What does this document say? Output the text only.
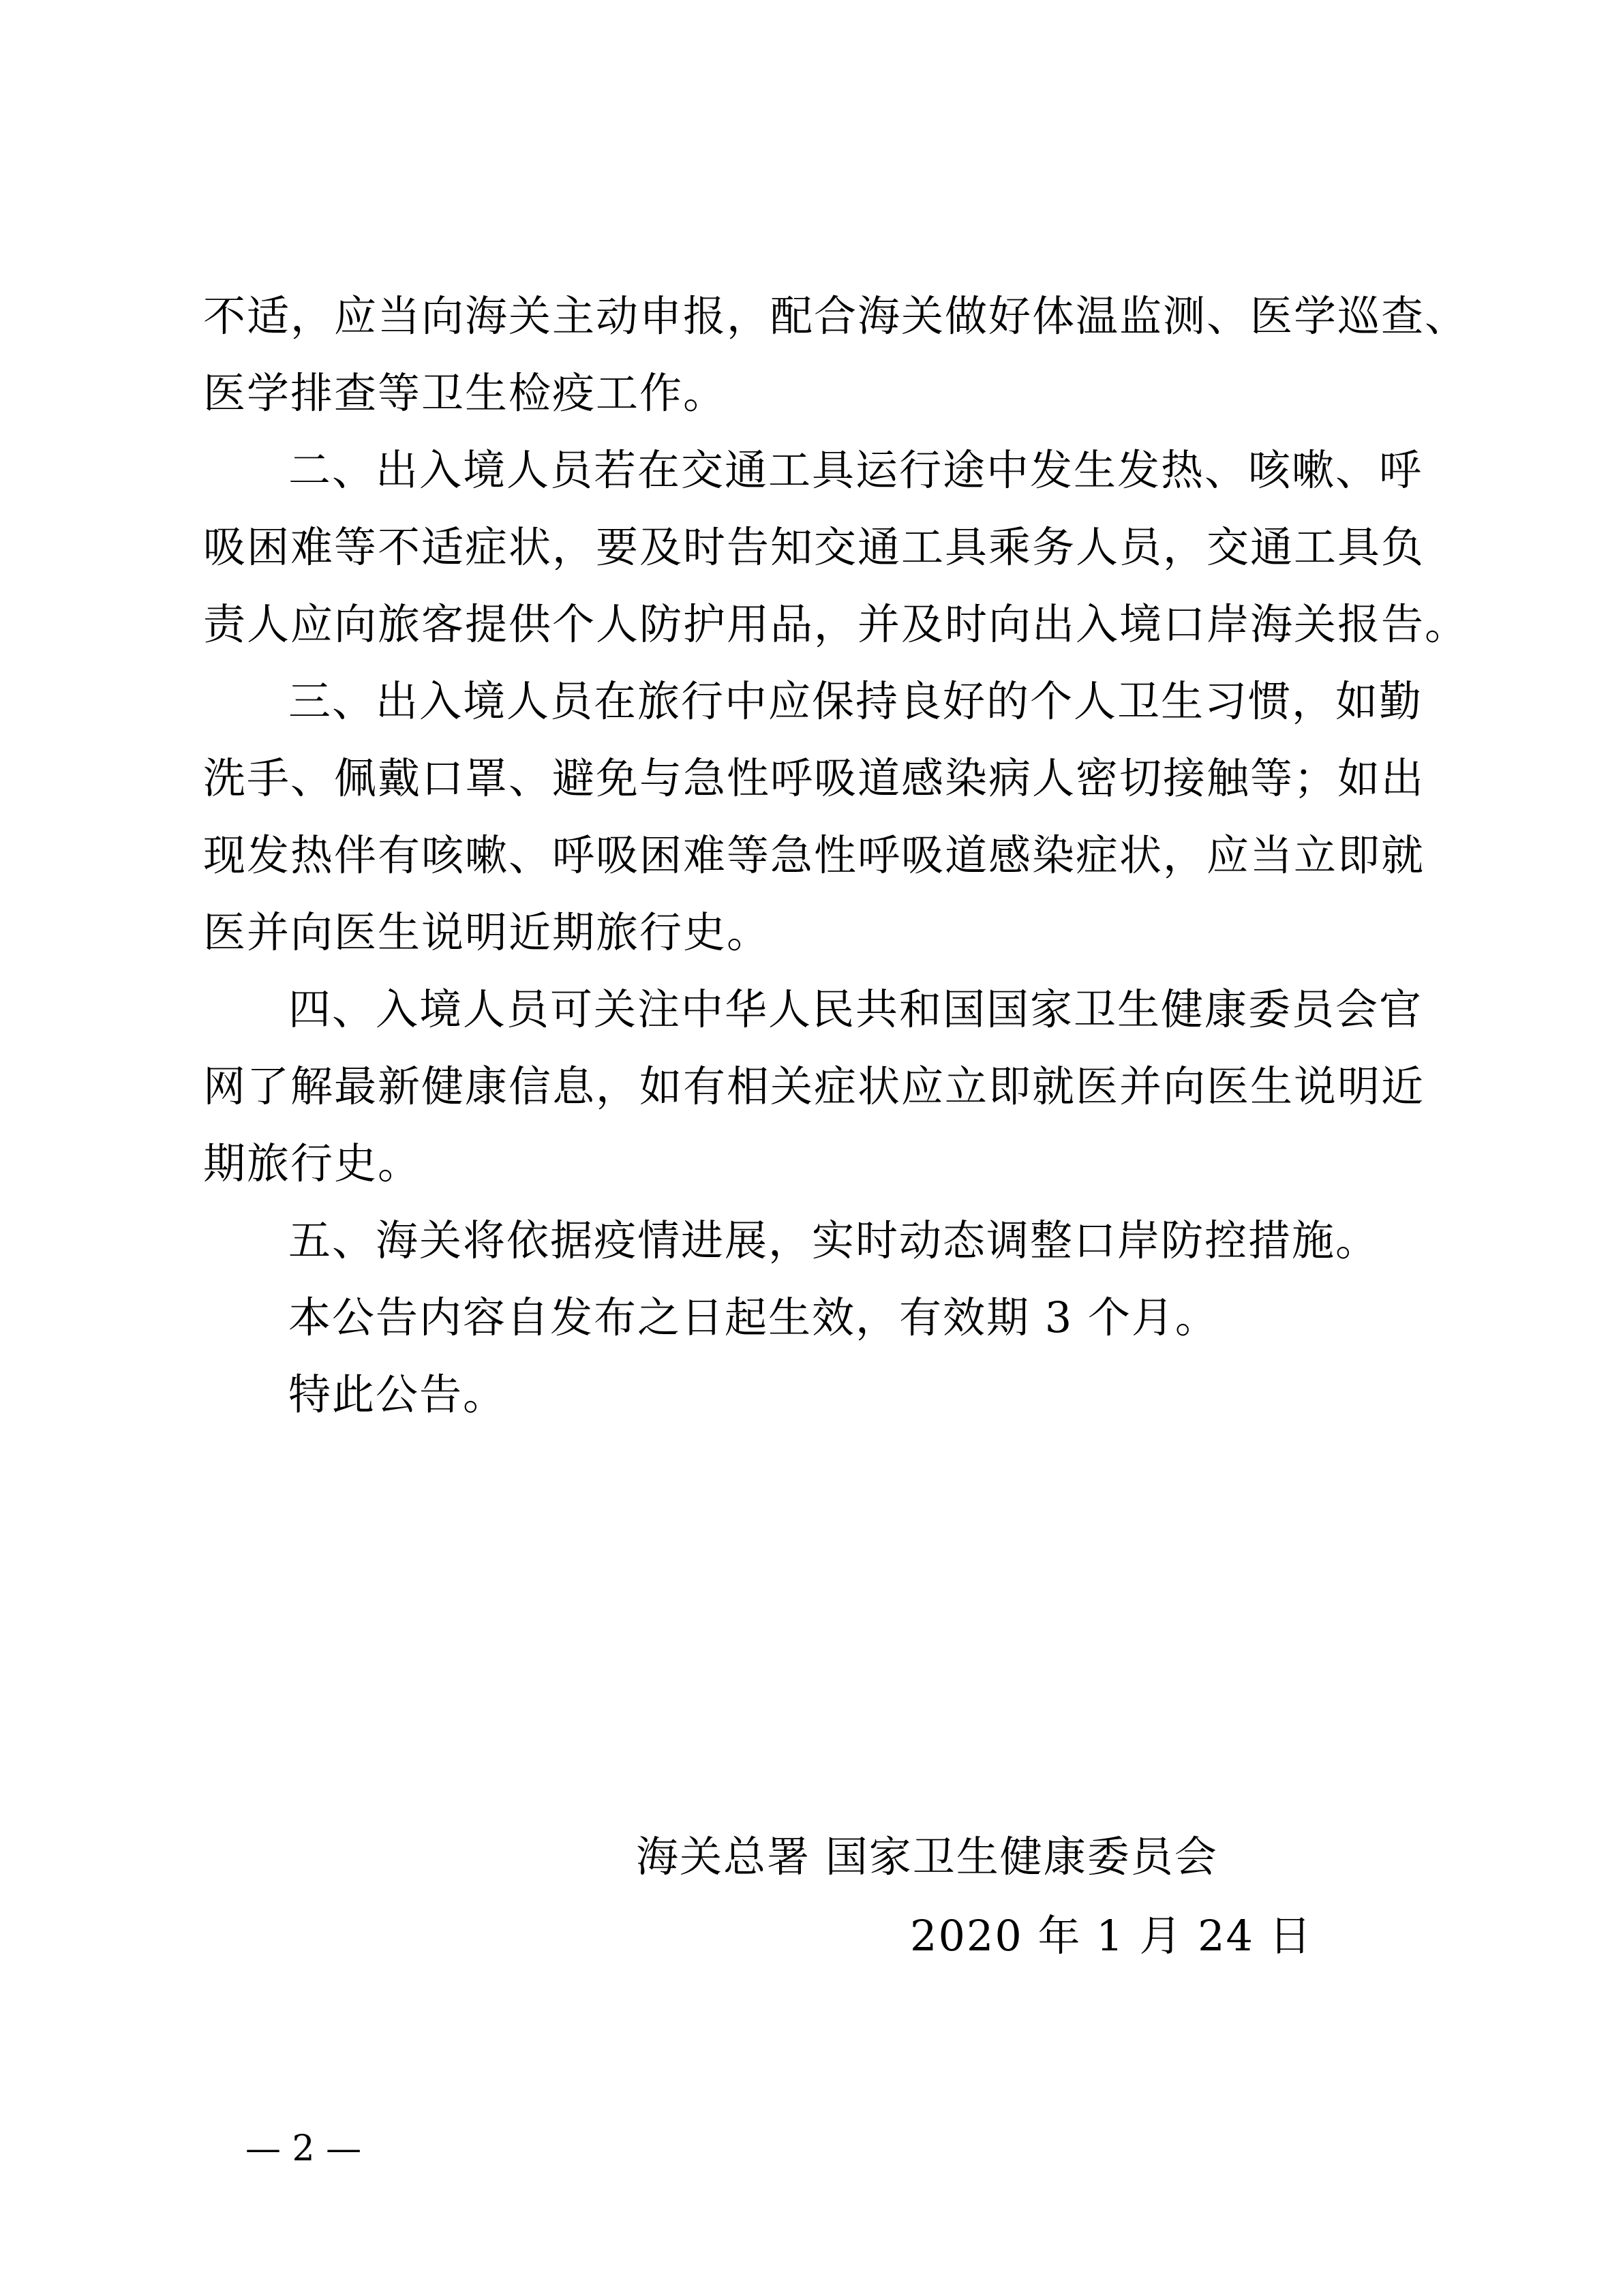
不适，应当向海关主动申报，配合海关做好体温监测、医学巡查、
医学排查等卫生检疫工作。
二、出入境人员若在交通工具运行途中发生发热、咳嗽、呼
吸困难等不适症状，要及时告知交通工具乘务人员，交通工具负
责人应向旅客提供个人防护用品，并及时向出入境口岸海关报告。
三、出入境人员在旅行中应保持良好的个人卫生习惯，如勤
洗手、佩戴口罩、避免与急性呼吸道感染病人密切接触等；如出
现发热伴有咳嗽、呼吸困难等急性呼吸道感染症状，应当立即就
医并向医生说明近期旅行史。
四、入境人员可关注中华人民共和国国家卫生健康委员会官
网了解最新健康信息，如有相关症状应立即就医并向医生说明近
期旅行史。
五、海关将依据疫情进展，实时动态调整口岸防控措施。
本公告内容自发布之日起生效，有效期 3 个月。
特此公告。
海关总署 国家卫生健康委员会
2020 年 1 月 24 日
— 2 —
